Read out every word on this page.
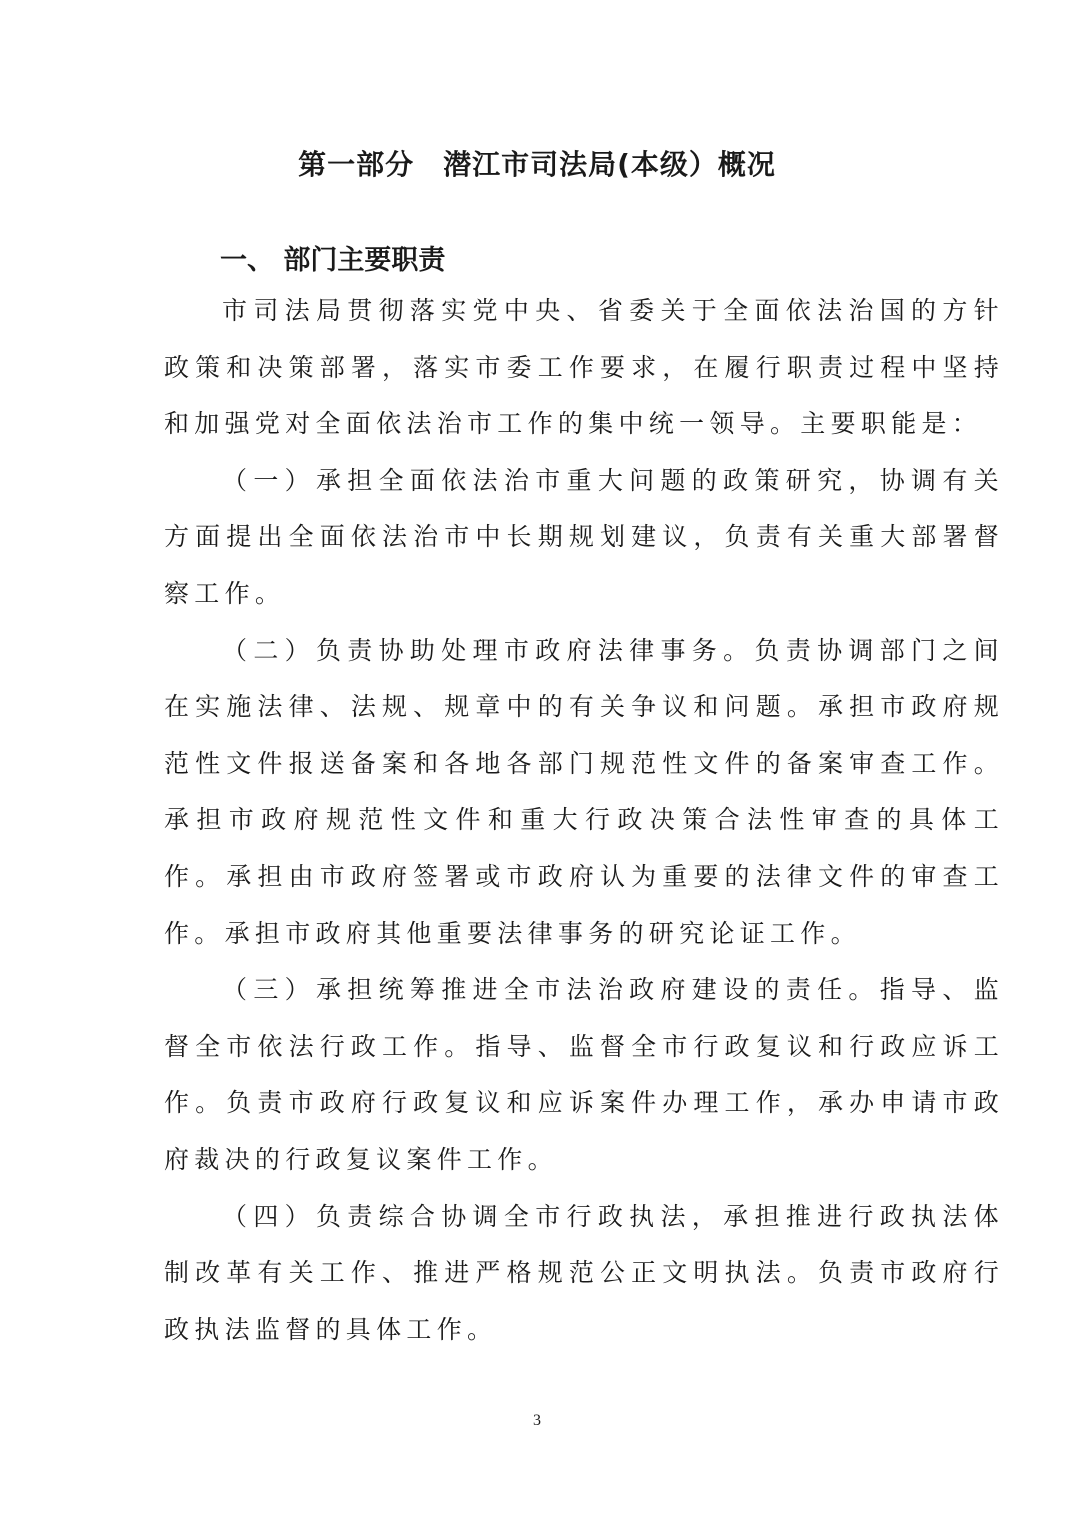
第一部分　潜江市司法局(本级）概况
一、 部门主要职责

市司法局贯彻落实党中央、省委关于全面依法治国的方针政策和决策部署，落实市委工作要求，在履行职责过程中坚持和加强党对全面依法治市工作的集中统一领导。主要职能是：

（一）承担全面依法治市重大问题的政策研究，协调有关方面提出全面依法治市中长期规划建议，负责有关重大部署督察工作。

（二）负责协助处理市政府法律事务。负责协调部门之间在实施法律、法规、规章中的有关争议和问题。承担市政府规范性文件报送备案和各地各部门规范性文件的备案审查工作。承担市政府规范性文件和重大行政决策合法性审查的具体工作。承担由市政府签署或市政府认为重要的法律文件的审查工作。承担市政府其他重要法律事务的研究论证工作。

（三）承担统筹推进全市法治政府建设的责任。指导、监督全市依法行政工作。指导、监督全市行政复议和行政应诉工作。负责市政府行政复议和应诉案件办理工作，承办申请市政府裁决的行政复议案件工作。

（四）负责综合协调全市行政执法，承担推进行政执法体制改革有关工作、推进严格规范公正文明执法。负责市政府行政执法监督的具体工作。

3
